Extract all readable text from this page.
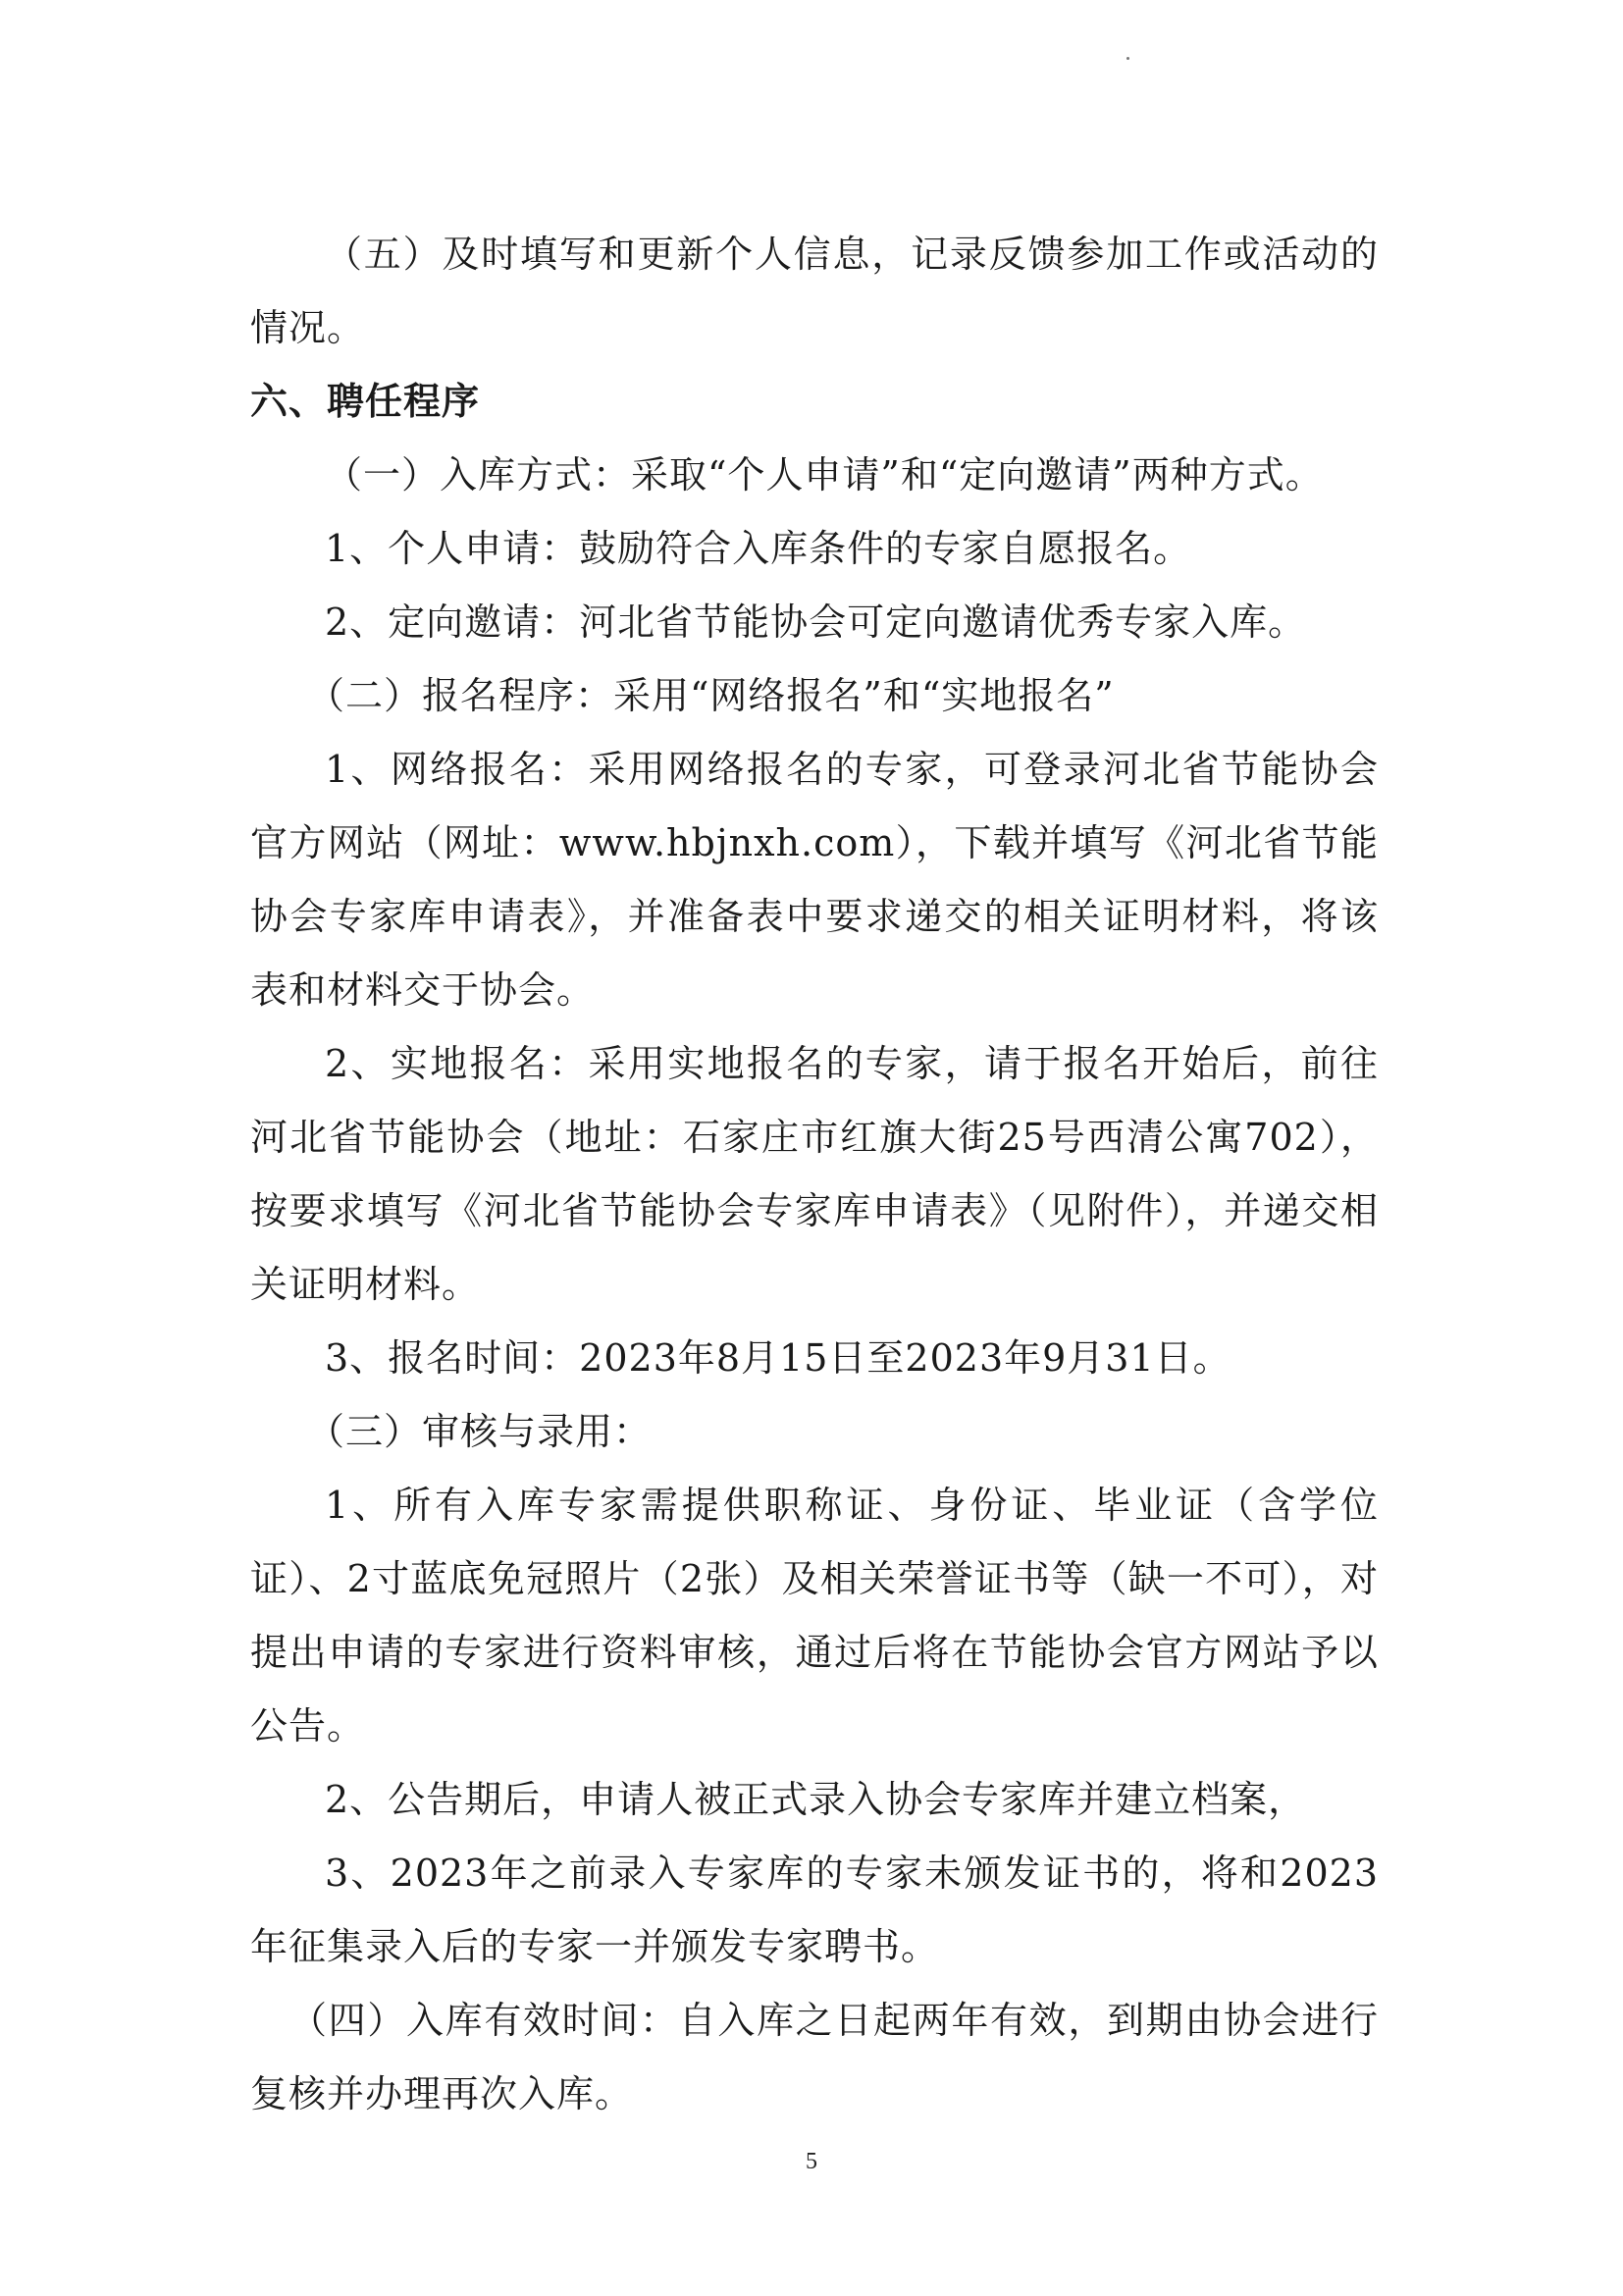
（五）及时填写和更新个人信息，记录反馈参加工作或活动的情况。

六、聘任程序

（一）入库方式：采取“个人申请”和“定向邀请”两种方式。

1、个人申请：鼓励符合入库条件的专家自愿报名。

2、定向邀请：河北省节能协会可定向邀请优秀专家入库。

（二）报名程序：采用“网络报名”和“实地报名”

1、网络报名：采用网络报名的专家，可登录河北省节能协会官方网站（网址：www.hbjnxh.com），下载并填写《河北省节能协会专家库申请表》，并准备表中要求递交的相关证明材料，将该表和材料交于协会。

2、实地报名：采用实地报名的专家，请于报名开始后，前往河北省节能协会（地址：石家庄市红旗大街25号西清公寓702），按要求填写《河北省节能协会专家库申请表》（见附件），并递交相关证明材料。

3、报名时间：2023年8月15日至2023年9月31日。

（三）审核与录用：

1、所有入库专家需提供职称证、身份证、毕业证（含学位证）、2寸蓝底免冠照片（2张）及相关荣誉证书等（缺一不可），对提出申请的专家进行资料审核，通过后将在节能协会官方网站予以公告。

2、公告期后，申请人被正式录入协会专家库并建立档案，

3、2023年之前录入专家库的专家未颁发证书的，将和2023年征集录入后的专家一并颁发专家聘书。

（四）入库有效时间：自入库之日起两年有效，到期由协会进行复核并办理再次入库。

5
